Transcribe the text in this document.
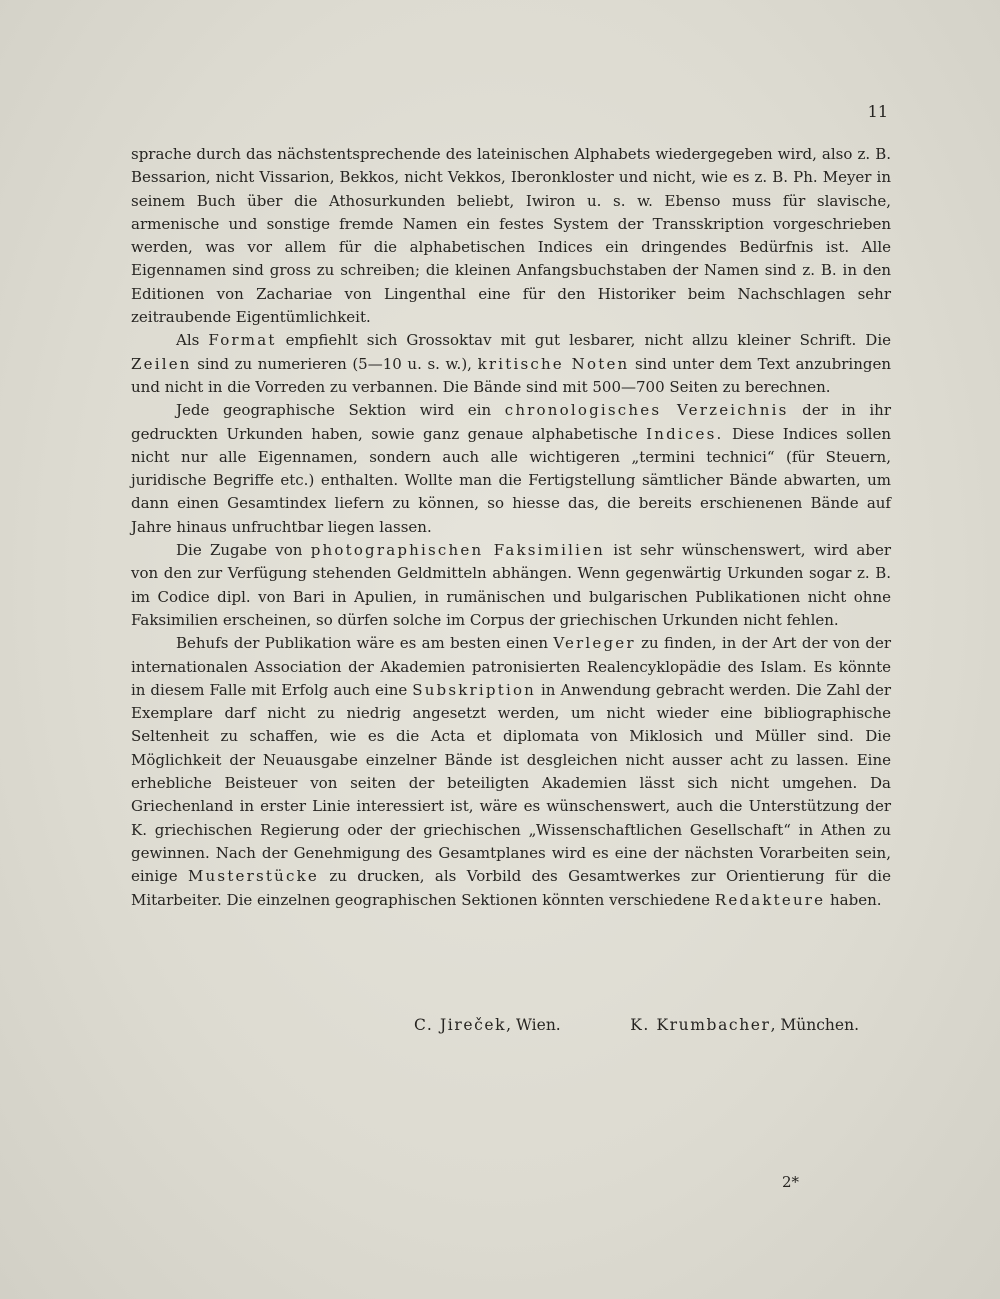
11

sprache durch das nächstentsprechende des lateinischen Alphabets wiedergegeben wird, also z. B. Bessarion, nicht Vissarion, Bekkos, nicht Vekkos, Iberonkloster und nicht, wie es z. B. Ph. Meyer in seinem Buch über die Athosurkunden beliebt, Iwiron u. s. w. Ebenso muss für slavische, armenische und sonstige fremde Namen ein festes System der Transskription vorgeschrieben werden, was vor allem für die alphabetischen Indices ein dringendes Bedürfnis ist. Alle Eigennamen sind gross zu schreiben; die kleinen Anfangsbuchstaben der Namen sind z. B. in den Editionen von Zachariae von Lingenthal eine für den Historiker beim Nachschlagen sehr zeitraubende Eigentümlichkeit.

Als Format empfiehlt sich Grossoktav mit gut lesbarer, nicht allzu kleiner Schrift. Die Zeilen sind zu numerieren (5—10 u. s. w.), kritische Noten sind unter dem Text anzubringen und nicht in die Vorreden zu verbannen. Die Bände sind mit 500—700 Seiten zu berechnen.

Jede geographische Sektion wird ein chronologisches Verzeichnis der in ihr gedruckten Urkunden haben, sowie ganz genaue alphabetische Indices. Diese Indices sollen nicht nur alle Eigennamen, sondern auch alle wichtigeren „termini technici“ (für Steuern, juridische Begriffe etc.) enthalten. Wollte man die Fertigstellung sämtlicher Bände abwarten, um dann einen Gesamtindex liefern zu können, so hiesse das, die bereits erschienenen Bände auf Jahre hinaus unfruchtbar liegen lassen.

Die Zugabe von photographischen Faksimilien ist sehr wünschenswert, wird aber von den zur Verfügung stehenden Geldmitteln abhängen. Wenn gegenwärtig Urkunden sogar z. B. im Codice dipl. von Bari in Apulien, in rumänischen und bulgarischen Publikationen nicht ohne Faksimilien erscheinen, so dürfen solche im Corpus der griechischen Urkunden nicht fehlen.

Behufs der Publikation wäre es am besten einen Verleger zu finden, in der Art der von der internationalen Association der Akademien patronisierten Realencyklopädie des Islam. Es könnte in diesem Falle mit Erfolg auch eine Subskription in Anwendung gebracht werden. Die Zahl der Exemplare darf nicht zu niedrig angesetzt werden, um nicht wieder eine bibliographische Seltenheit zu schaffen, wie es die Acta et diplomata von Miklosich und Müller sind. Die Möglichkeit der Neuausgabe einzelner Bände ist desgleichen nicht ausser acht zu lassen. Eine erhebliche Beisteuer von seiten der beteiligten Akademien lässt sich nicht umgehen. Da Griechenland in erster Linie interessiert ist, wäre es wünschenswert, auch die Unterstützung der K. griechischen Regierung oder der griechischen „Wissenschaftlichen Gesellschaft“ in Athen zu gewinnen. Nach der Genehmigung des Gesamtplanes wird es eine der nächsten Vorarbeiten sein, einige Musterstücke zu drucken, als Vorbild des Gesamtwerkes zur Orientierung für die Mitarbeiter. Die einzelnen geographischen Sektionen könnten verschiedene Redakteure haben.

C. Jireček, Wien.	K. Krumbacher, München.
2*
